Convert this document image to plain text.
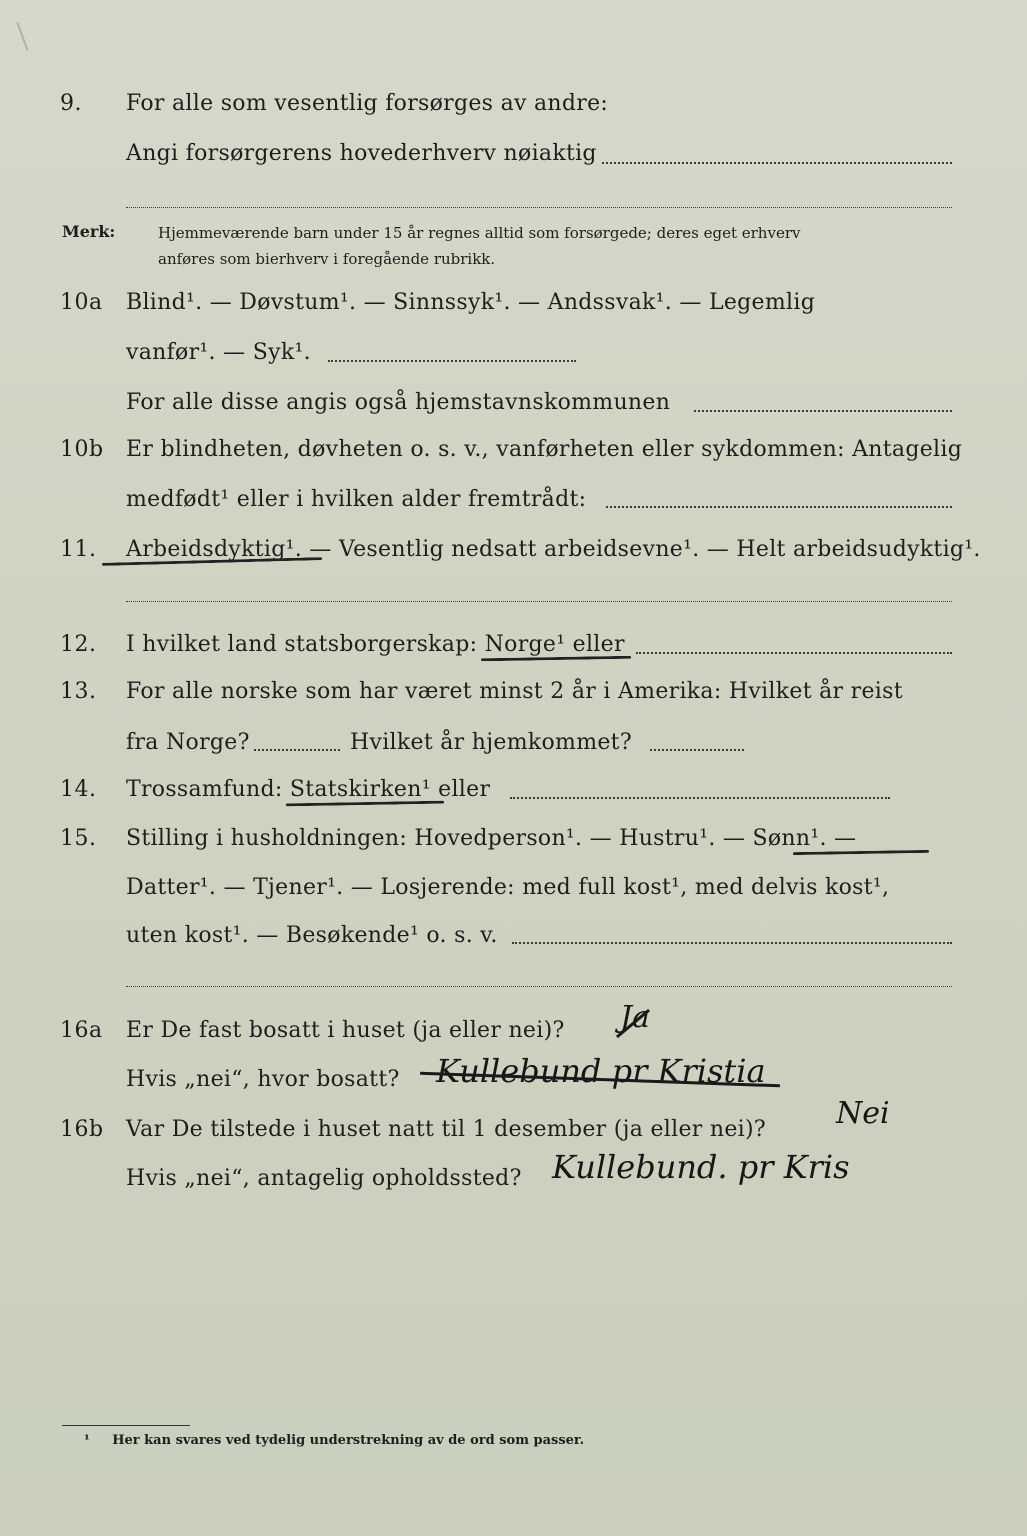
9. For alle som vesentlig forsørges av andre:
Angi forsørgerens hovederhverv nøiaktig
Merk:	Hjemmeværende barn under 15 år regnes alltid som forsørgede; deres eget erhverv
anføres som bierhverv i foregående rubrikk.
10a Blind¹. — Døvstum¹. — Sinnssyk¹. — Andssvak¹. — Legemlig
vanfør¹. — Syk¹.
For alle disse angis også hjemstavnskommunen
10b Er blindheten, døvheten o. s. v., vanførheten eller sykdommen: Antagelig
medfødt¹ eller i hvilken alder fremtrådt:
11. Arbeidsdyktig¹. — Vesentlig nedsatt arbeidsevne¹. — Helt arbeidsudyktig¹.
12. I hvilket land statsborgerskap: Norge¹ eller
13. For alle norske som har været minst 2 år i Amerika: Hvilket år reist
fra Norge?	Hvilket år hjemkommet?
14. Trossamfund: Statskirken¹ eller
15. Stilling i husholdningen: Hovedperson¹. — Hustru¹. — Sønn¹. —
Datter¹. — Tjener¹. — Losjerende: med full kost¹, med delvis kost¹,
uten kost¹. — Besøkende¹ o. s. v.
16a Er De fast bosatt i huset (ja eller nei)? Ja
Hvis „nei“, hvor bosatt? Kullebund pr Kristia
16b Var De tilstede i huset natt til 1 desember (ja eller nei)? Nei
Hvis „nei“, antagelig opholdssted? Kullebund. pr Kris
¹ Her kan svares ved tydelig understrekning av de ord som passer.
